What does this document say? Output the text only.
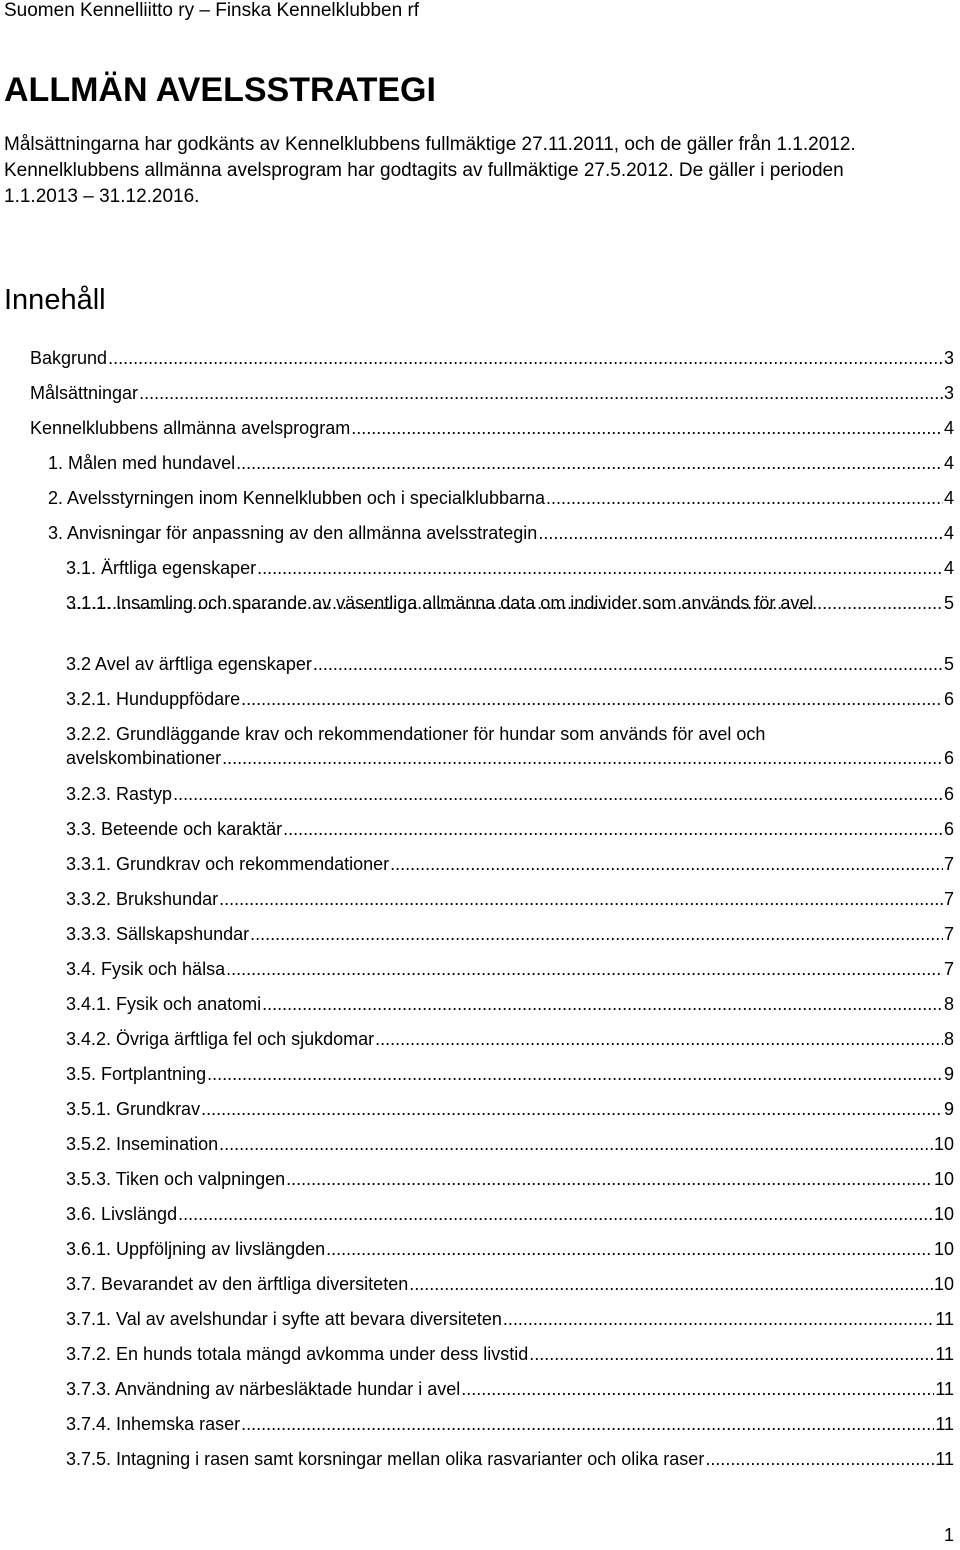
Suomen Kennelliitto ry – Finska Kennelklubben rf
ALLMÄN AVELSSTRATEGI

Målsättningarna har godkänts av Kennelklubbens fullmäktige 27.11.2011, och de gäller från 1.1.2012.

Kennelklubbens allmänna avelsprogram har godtagits av fullmäktige 27.5.2012. De gäller i perioden

1.1.2013 – 31.12.2016.

Innehåll
Bakgrund .....	3
Målsättningar .....	3
Kennelklubbens allmänna avelsprogram .....	4
1. Målen med hundavel .....	4
2. Avelsstyrningen inom Kennelklubben och i specialklubbarna .....	4
3. Anvisningar för anpassning av den allmänna avelsstrategin .....	4
3.1. Ärftliga egenskaper .....	4
3.1.1. Insamling och sparande av väsentliga allmänna data om individer som används för avel .....	5
3.2 Avel av ärftliga egenskaper .....	5
3.2.1. Hunduppfödare .....	6
3.2.2. Grundläggande krav och rekommendationer för hundar som används för avel och
avelskombinationer .....	6
3.2.3. Rastyp .....	6
3.3. Beteende och karaktär .....	6
3.3.1. Grundkrav och rekommendationer .....	7
3.3.2. Brukshundar .....	7
3.3.3. Sällskapshundar .....	7
3.4. Fysik och hälsa .....	7
3.4.1. Fysik och anatomi .....	8
3.4.2. Övriga ärftliga fel och sjukdomar .....	8
3.5. Fortplantning .....	9
3.5.1. Grundkrav .....	9
3.5.2. Insemination .....	10
3.5.3. Tiken och valpningen .....	10
3.6. Livslängd .....	10
3.6.1. Uppföljning av livslängden .....	10
3.7. Bevarandet av den ärftliga diversiteten .....	10
3.7.1. Val av avelshundar i syfte att bevara diversiteten .....	11
3.7.2. En hunds totala mängd avkomma under dess livstid .....	11
3.7.3. Användning av närbesläktade hundar i avel .....	11
3.7.4. Inhemska raser .....	11
3.7.5. Intagning i rasen samt korsningar mellan olika rasvarianter och olika raser .....	11
1
